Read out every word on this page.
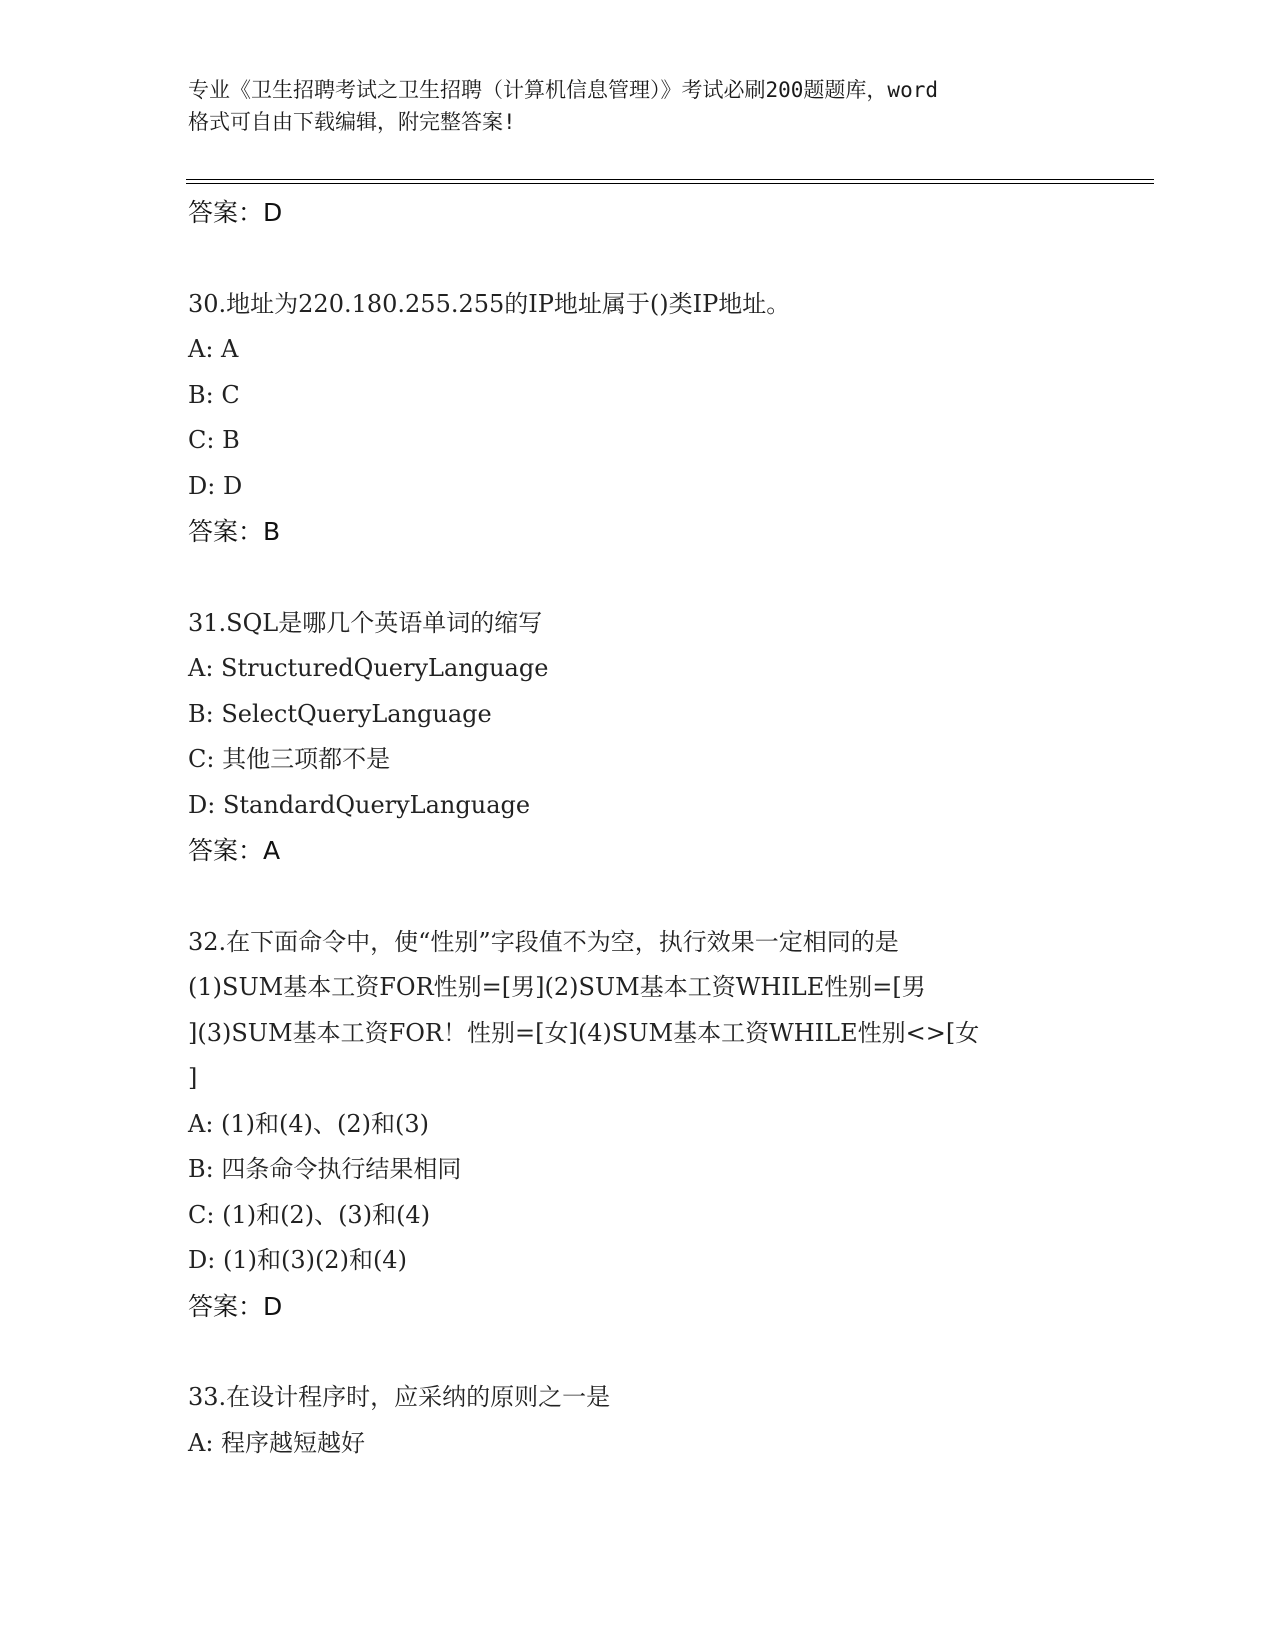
专业《卫生招聘考试之卫生招聘（计算机信息管理）》考试必刷200题题库，word
格式可自由下载编辑，附完整答案!
答案：D
30.地址为220.180.255.255的IP地址属于()类IP地址。
A: A
B: C
C: B
D: D
答案：B
31.SQL是哪几个英语单词的缩写
A: StructuredQueryLanguage
B: SelectQueryLanguage
C: 其他三项都不是
D: StandardQueryLanguage
答案：A
32.在下面命令中，使“性别”字段值不为空，执行效果一定相同的是
(1)SUM基本工资FOR性别=[男](2)SUM基本工资WHILE性别=[男
](3)SUM基本工资FOR！性别=[女](4)SUM基本工资WHILE性别<>[女
]
A: (1)和(4)、(2)和(3)
B: 四条命令执行结果相同
C: (1)和(2)、(3)和(4)
D: (1)和(3)(2)和(4)
答案：D
33.在设计程序时，应采纳的原则之一是
A: 程序越短越好
